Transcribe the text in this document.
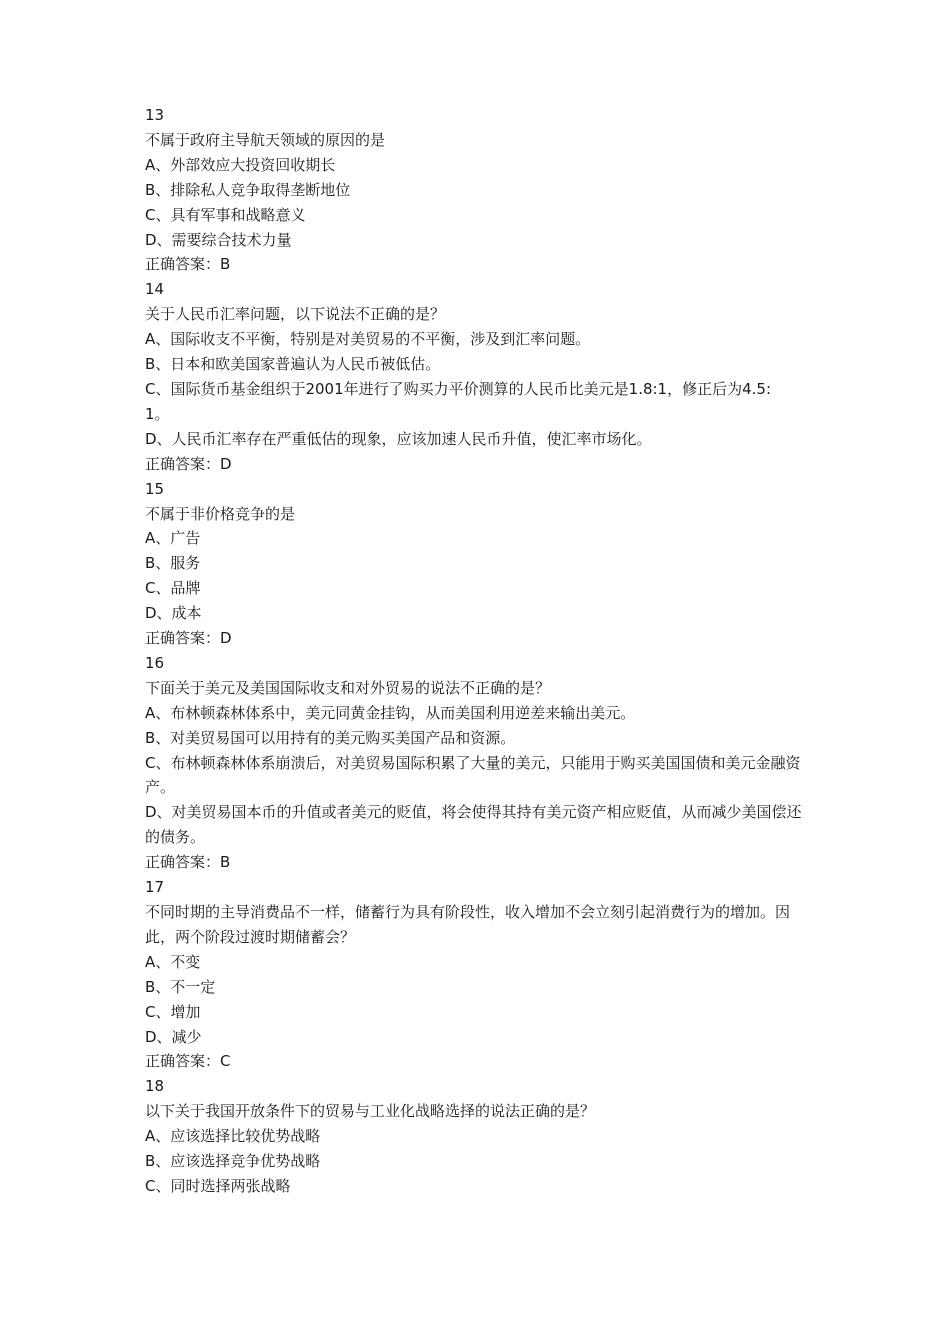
13

不属于政府主导航天领域的原因的是

A、外部效应大投资回收期长

B、排除私人竞争取得垄断地位

C、具有军事和战略意义

D、需要综合技术力量

正确答案：B

14

关于人民币汇率问题，以下说法不正确的是？

A、国际收支不平衡，特别是对美贸易的不平衡，涉及到汇率问题。

B、日本和欧美国家普遍认为人民币被低估。

C、国际货币基金组织于2001年进行了购买力平价测算的人民币比美元是1.8:1，修正后为4.5:1。

D、人民币汇率存在严重低估的现象，应该加速人民币升值，使汇率市场化。

正确答案：D

15

不属于非价格竞争的是

A、广告

B、服务

C、品牌

D、成本

正确答案：D

16

下面关于美元及美国国际收支和对外贸易的说法不正确的是？

A、布林顿森林体系中，美元同黄金挂钩，从而美国利用逆差来输出美元。

B、对美贸易国可以用持有的美元购买美国产品和资源。

C、布林顿森林体系崩溃后，对美贸易国际积累了大量的美元，只能用于购买美国国债和美元金融资产。

D、对美贸易国本币的升值或者美元的贬值，将会使得其持有美元资产相应贬值，从而减少美国偿还的债务。

正确答案：B

17

不同时期的主导消费品不一样，储蓄行为具有阶段性，收入增加不会立刻引起消费行为的增加。因此，两个阶段过渡时期储蓄会？

A、不变

B、不一定

C、增加

D、减少

正确答案：C

18

以下关于我国开放条件下的贸易与工业化战略选择的说法正确的是？

A、应该选择比较优势战略

B、应该选择竞争优势战略

C、同时选择两张战略
